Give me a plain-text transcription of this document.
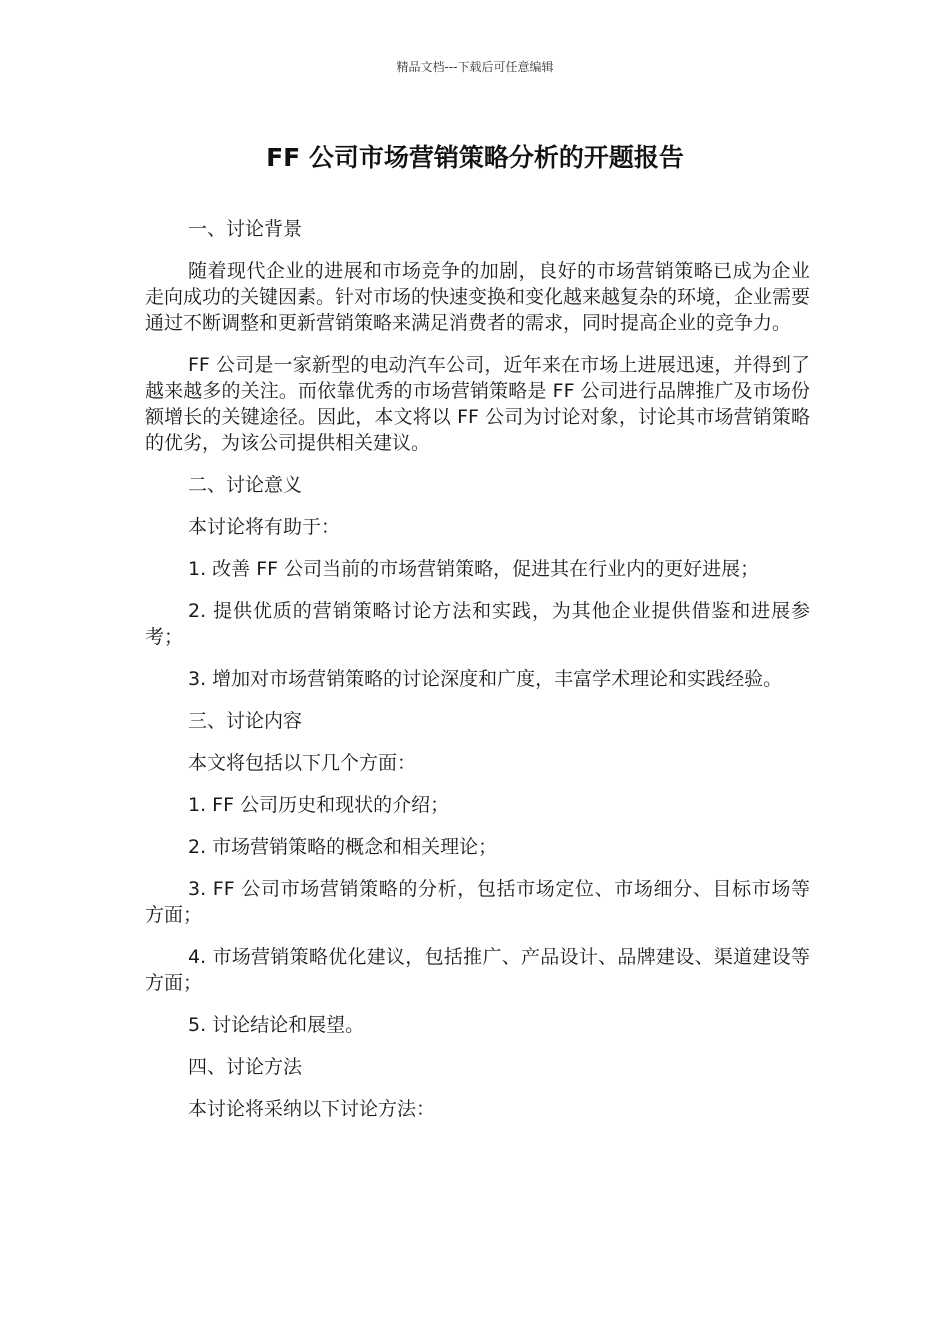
精品文档---下载后可任意编辑
FF 公司市场营销策略分析的开题报告

一、讨论背景

随着现代企业的进展和市场竞争的加剧，良好的市场营销策略已成为企业走向成功的关键因素。针对市场的快速变换和变化越来越复杂的环境，企业需要通过不断调整和更新营销策略来满足消费者的需求，同时提高企业的竞争力。

FF 公司是一家新型的电动汽车公司，近年来在市场上进展迅速，并得到了越来越多的关注。而依靠优秀的市场营销策略是 FF 公司进行品牌推广及市场份额增长的关键途径。因此，本文将以 FF 公司为讨论对象，讨论其市场营销策略的优劣，为该公司提供相关建议。

二、讨论意义

本讨论将有助于：

1. 改善 FF 公司当前的市场营销策略，促进其在行业内的更好进展；

2. 提供优质的营销策略讨论方法和实践，为其他企业提供借鉴和进展参考；

3. 增加对市场营销策略的讨论深度和广度，丰富学术理论和实践经验。

三、讨论内容

本文将包括以下几个方面：

1. FF 公司历史和现状的介绍；

2. 市场营销策略的概念和相关理论；

3. FF 公司市场营销策略的分析，包括市场定位、市场细分、目标市场等方面；

4. 市场营销策略优化建议，包括推广、产品设计、品牌建设、渠道建设等方面；

5. 讨论结论和展望。

四、讨论方法

本讨论将采纳以下讨论方法：
